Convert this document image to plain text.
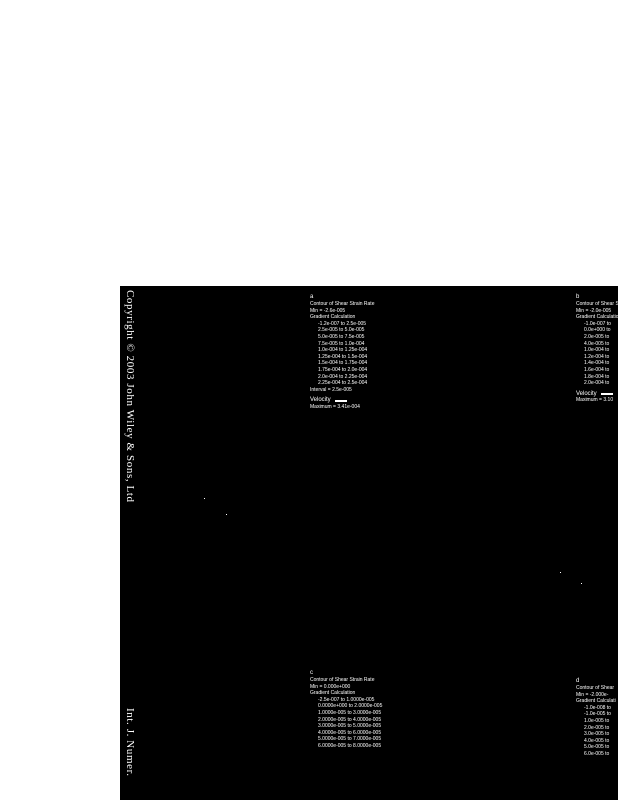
Copyright © 2003 John Wiley & Sons, Ltd
Int. J. Numer.
a
Contour of Shear Strain Rate
Min = -2.6e-005
Gradient Calculation
-1.2e-007 to 2.5e-005
2.5e-005 to 5.0e-005
5.0e-005 to 7.5e-005
7.5e-005 to 1.0e-004
1.0e-004 to 1.25e-004
1.25e-004 to 1.5e-004
1.5e-004 to 1.75e-004
1.75e-004 to 2.0e-004
2.0e-004 to 2.25e-004
2.25e-004 to 2.5e-004
Interval = 2.5e-005
Velocity
Maximum = 3.41e-004
b
Contour of Shear Strain Rate
Min = -2.0e-005
Gradient Calculation
-1.0e-007 to
0.0e+000 to
2.0e-005 to
4.0e-005 to
1.0e-004 to
1.2e-004 to
1.4e-004 to
1.6e-004 to
1.8e-004 to
2.0e-004 to
Velocity
Maximum = 3.10
c
Contour of Shear Strain Rate
Min = 0.000e+000
Gradient Calculation
-2.5e-007 to 1.0000e-005
0.0000e+000 to 2.0000e-005
1.0000e-005 to 3.0000e-005
2.0000e-005 to 4.0000e-005
3.0000e-005 to 5.0000e-005
4.0000e-005 to 6.0000e-005
5.0000e-005 to 7.0000e-005
6.0000e-005 to 8.0000e-005
d
Contour of Shear
Min = -2.000e-
Gradient Calculati
-1.0e-008 to
-1.0e-005 to
1.0e-005 to
2.0e-005 to
3.0e-005 to
4.0e-005 to
5.0e-005 to
6.0e-005 to
